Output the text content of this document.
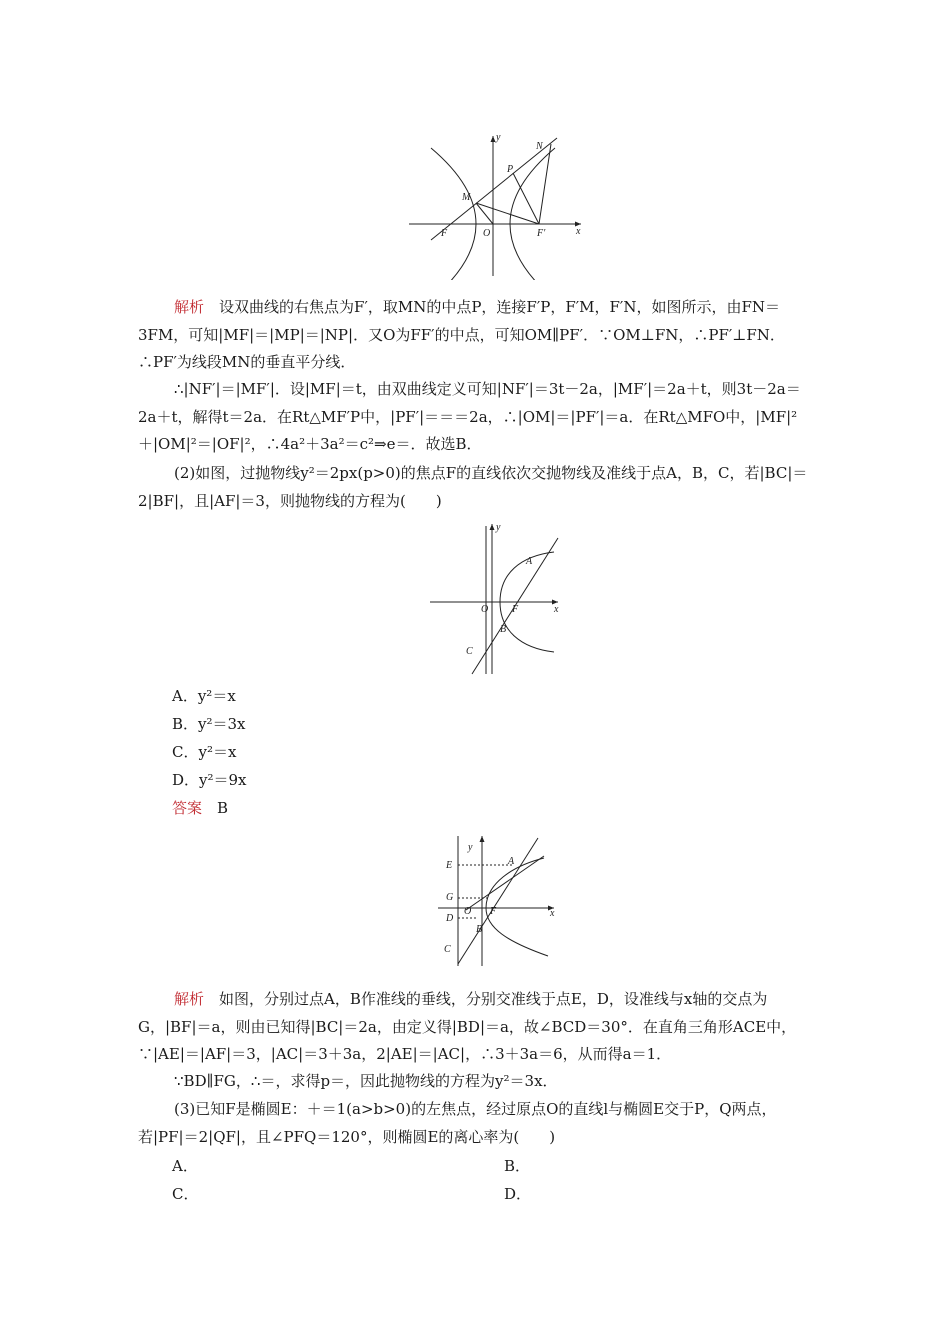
y
x
N
P
M
F	O	F′

解析　 设双曲线的右焦点为F′，取MN的中点P，连接F′P，F′M，F′N，如图所示，由FN＝3FM，可知|MF|＝|MP|＝|NP|．又O为FF′的中点，可知OM∥PF′．∵OM⊥FN，∴PF′⊥FN．∴PF′为线段MN的垂直平分线．

∴|NF′|＝|MF′|．设|MF|＝t，由双曲线定义可知|NF′|＝3t－2a，|MF′|＝2a＋t，则3t－2a＝2a＋t，解得t＝2a．在Rt△MF′P中，|PF′|＝＝＝2a，∴|OM|＝|PF′|＝a．在Rt△MFO中，|MF|²＋|OM|²＝|OF|²，∴4a²＋3a²＝c²⇒e＝．故选B．

(2)如图，过抛物线y²＝2px(p>0)的焦点F的直线依次交抛物线及准线于点A，B，C，若|BC|＝2|BF|，且|AF|＝3，则抛物线的方程为(　　)

y
x
A
O F
B
C
A．y²＝x
B．y²＝3x
C．y²＝x
D．y²＝9x
答案　 B
y
x
E	A
G
O F
D
B
C

解析　 如图，分别过点A，B作准线的垂线，分别交准线于点E，D，设准线与x轴的交点为G，|BF|＝a，则由已知得|BC|＝2a，由定义得|BD|＝a，故∠BCD＝30°．在直角三角形ACE中，∵|AE|＝|AF|＝3，|AC|＝3＋3a，2|AE|＝|AC|，∴3＋3a＝6，从而得a＝1．

∵BD∥FG，∴＝，求得p＝，因此抛物线的方程为y²＝3x．

(3)已知F是椭圆E：＋＝1(a>b>0)的左焦点，经过原点O的直线l与椭圆E交于P，Q两点，若|PF|＝2|QF|，且∠PFQ＝120°，则椭圆E的离心率为(　　)

A．	B．
C．	D．
